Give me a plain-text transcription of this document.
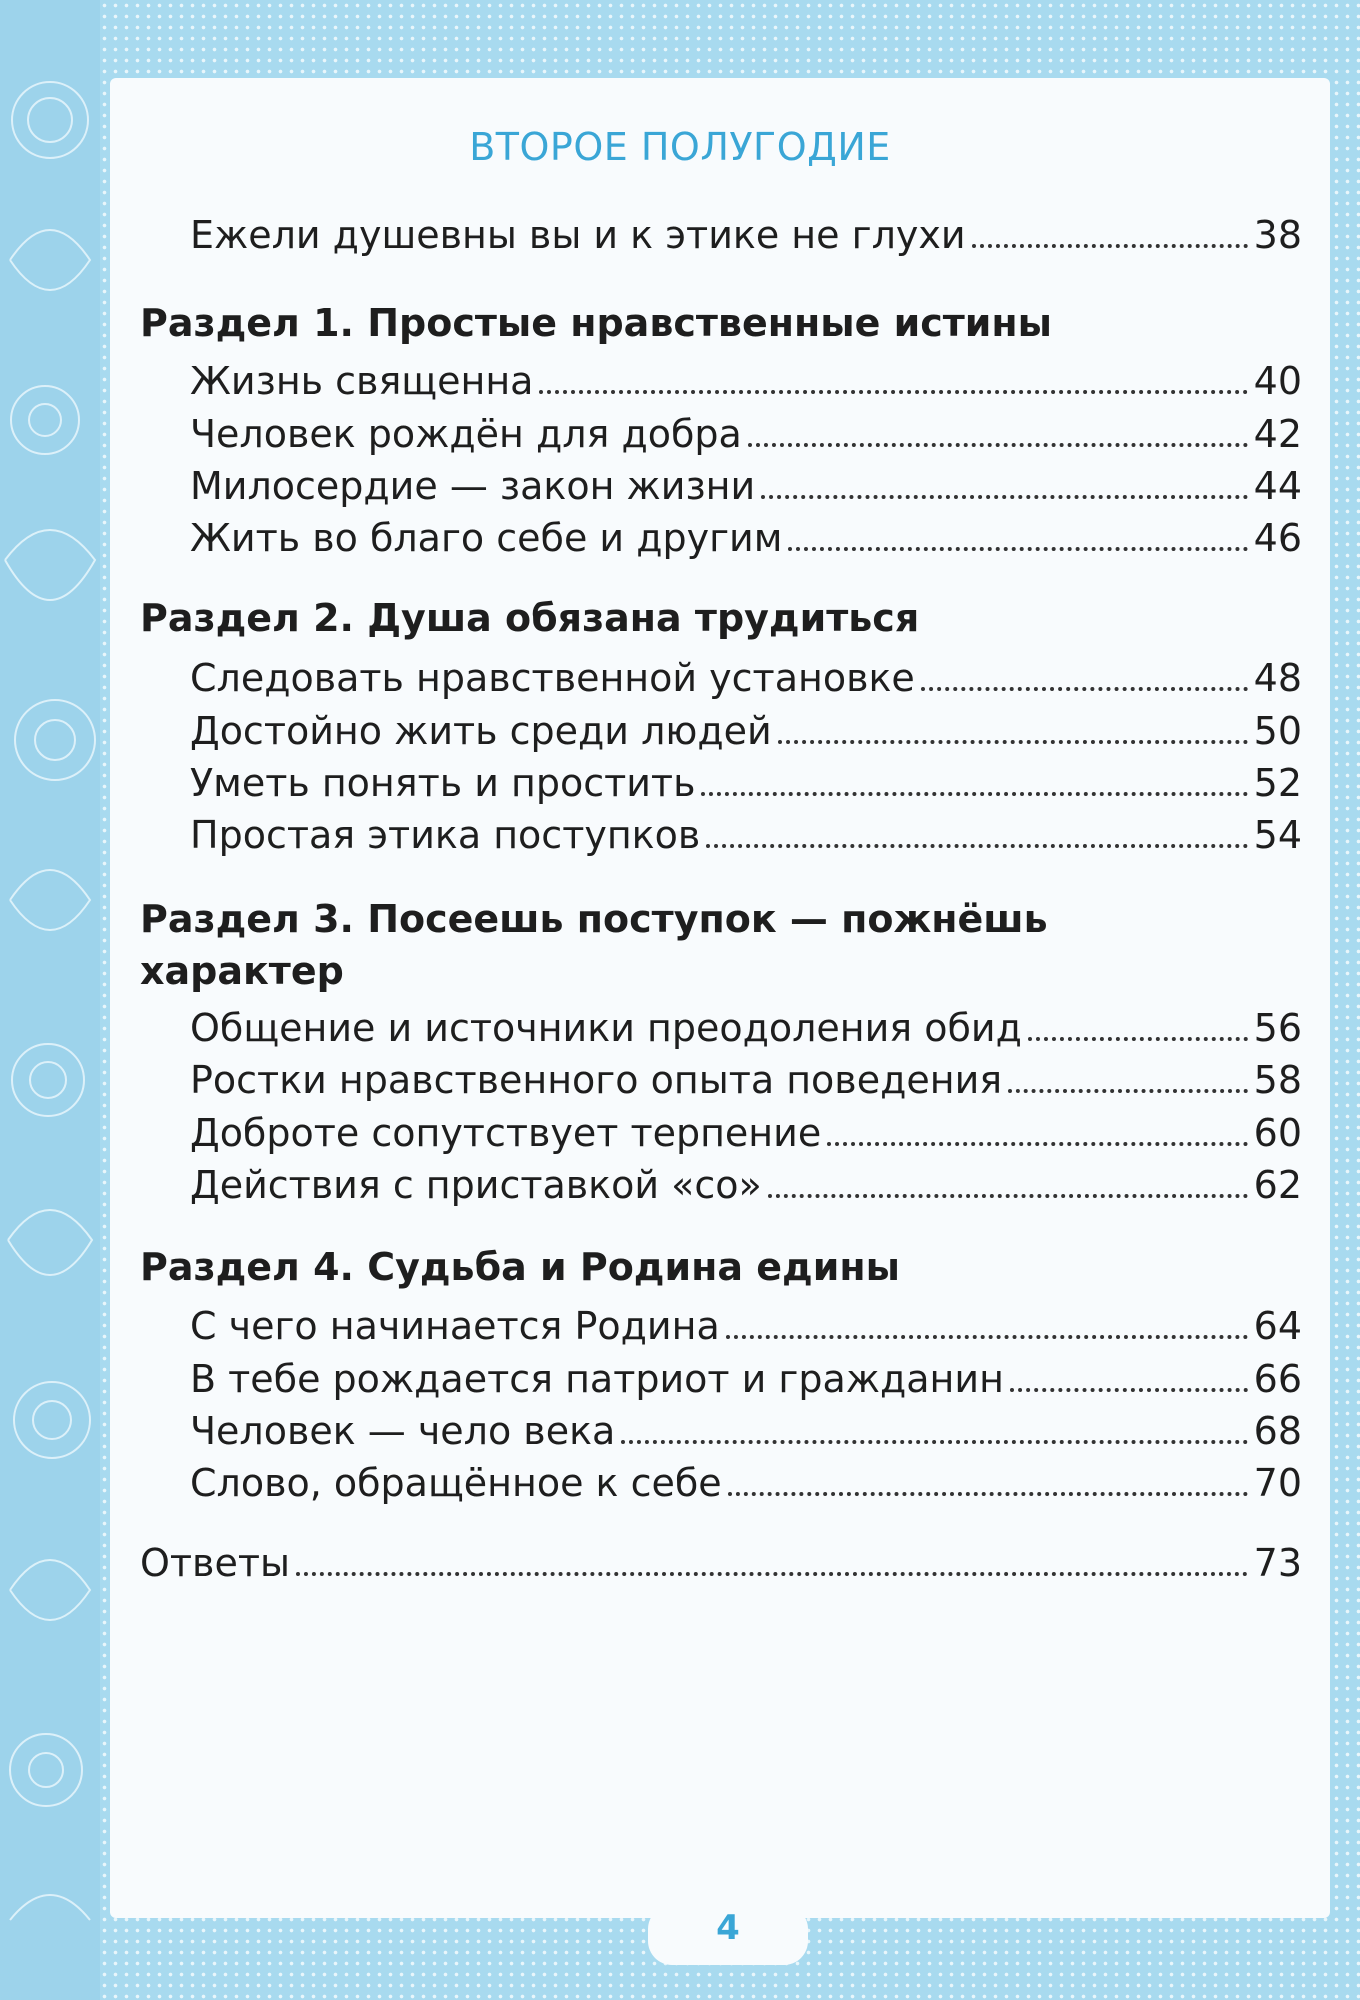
ВТОРОЕ ПОЛУГОДИЕ
Ежели душевны вы и к этике не глухи	38
Раздел 1. Простые нравственные истины
Жизнь священна	40
Человек рождён для добра	42
Милосердие — закон жизни	44
Жить во благо себе и другим	46
Раздел 2. Душа обязана трудиться
Следовать нравственной установке	48
Достойно жить среди людей	50
Уметь понять и простить	52
Простая этика поступков	54
Раздел 3. Посеешь поступок — пожнёшь характер
Общение и источники преодоления обид	56
Ростки нравственного опыта поведения	58
Доброте сопутствует терпение	60
Действия с приставкой «со»	62
Раздел 4. Судьба и Родина едины
С чего начинается Родина	64
В тебе рождается патриот и гражданин	66
Человек — чело века	68
Слово, обращённое к себе	70
Ответы	73
4
